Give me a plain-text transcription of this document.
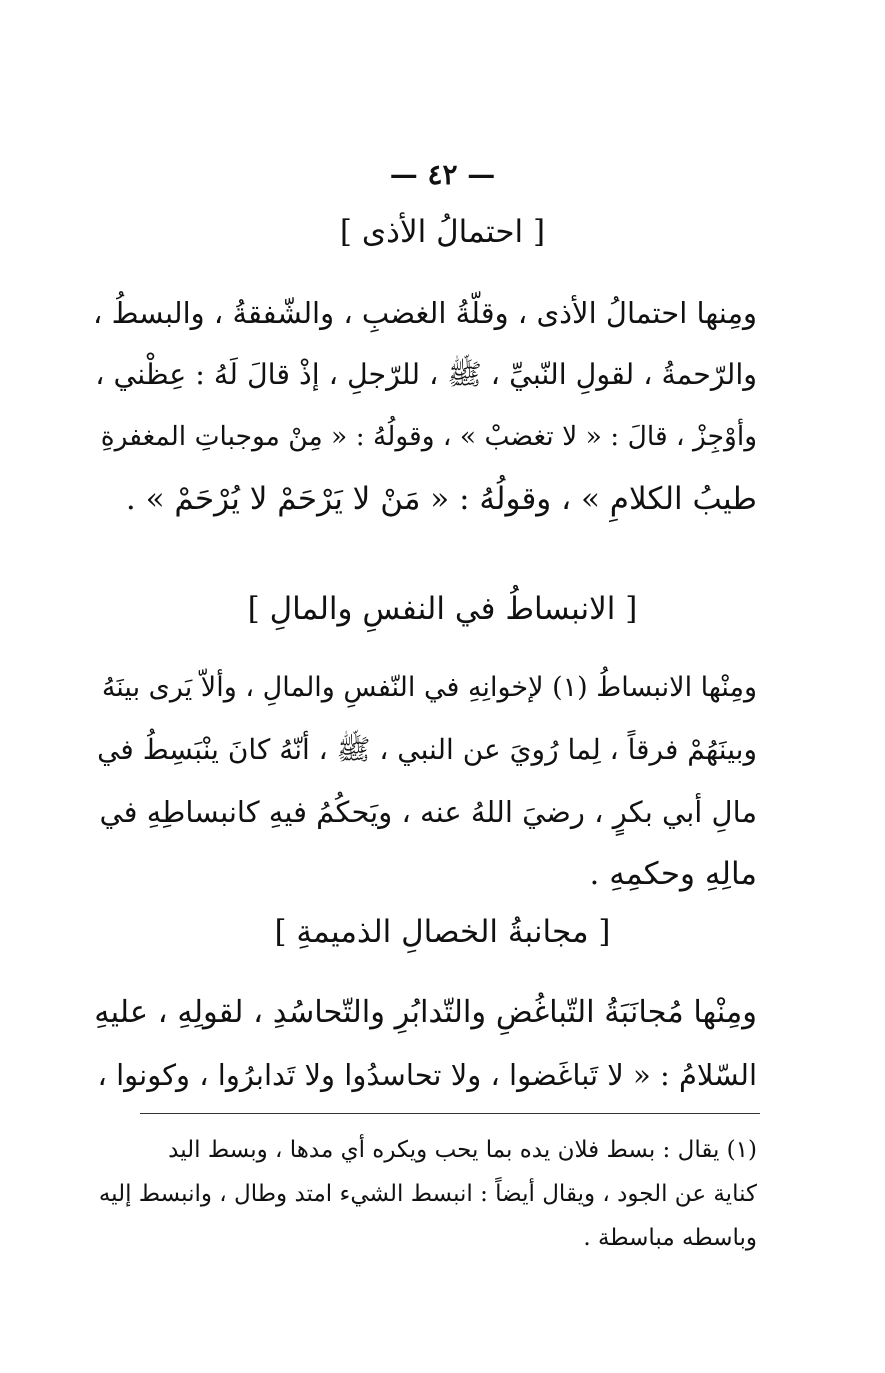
— ٤٢ —
[ احتمالُ الأذى ]
ومِنها احتمالُ الأذى ، وقلّةُ الغضبِ ، والشّفقةُ ، والبسطُ ،
والرّحمةُ ، لقولِ النّبيِّ ، ﷺ ، للرّجلِ ، إذْ قالَ لَهُ : عِظْني ،
وأوْجِزْ ، قالَ : « لا تغضبْ » ، وقولُهُ : « مِنْ موجباتِ المغفرةِ
طيبُ الكلامِ » ، وقولُهُ : « مَنْ لا يَرْحَمْ لا يُرْحَمْ » .
[ الانبساطُ في النفسِ والمالِ ]
ومِنْها الانبساطُ (١) لإخوانِهِ في النّفسِ والمالِ ، وألاّ يَرى بينَهُ
وبينَهُمْ فرقاً ، لِما رُويَ عن النبي ، ﷺ ، أنّهُ كانَ ينْبَسِطُ في
مالِ أبي بكرٍ ، رضيَ اللهُ عنه ، ويَحكُمُ فيهِ كانبساطِهِ في
مالِهِ وحكمِهِ .
[ مجانبةُ الخصالِ الذميمةِ ]
ومِنْها مُجانَبَةُ التّباغُضِ والتّدابُرِ والتّحاسُدِ ، لقولِهِ ، عليهِ
السّلامُ : « لا تَباغَضوا ، ولا تحاسدُوا ولا تَدابرُوا ، وكونوا ،
(١) يقال : بسط فلان يده بما يحب ويكره أي مدها ، وبسط اليد
كناية عن الجود ، ويقال أيضاً : انبسط الشيء امتد وطال ، وانبسط إليه
وباسطه مباسطة .
